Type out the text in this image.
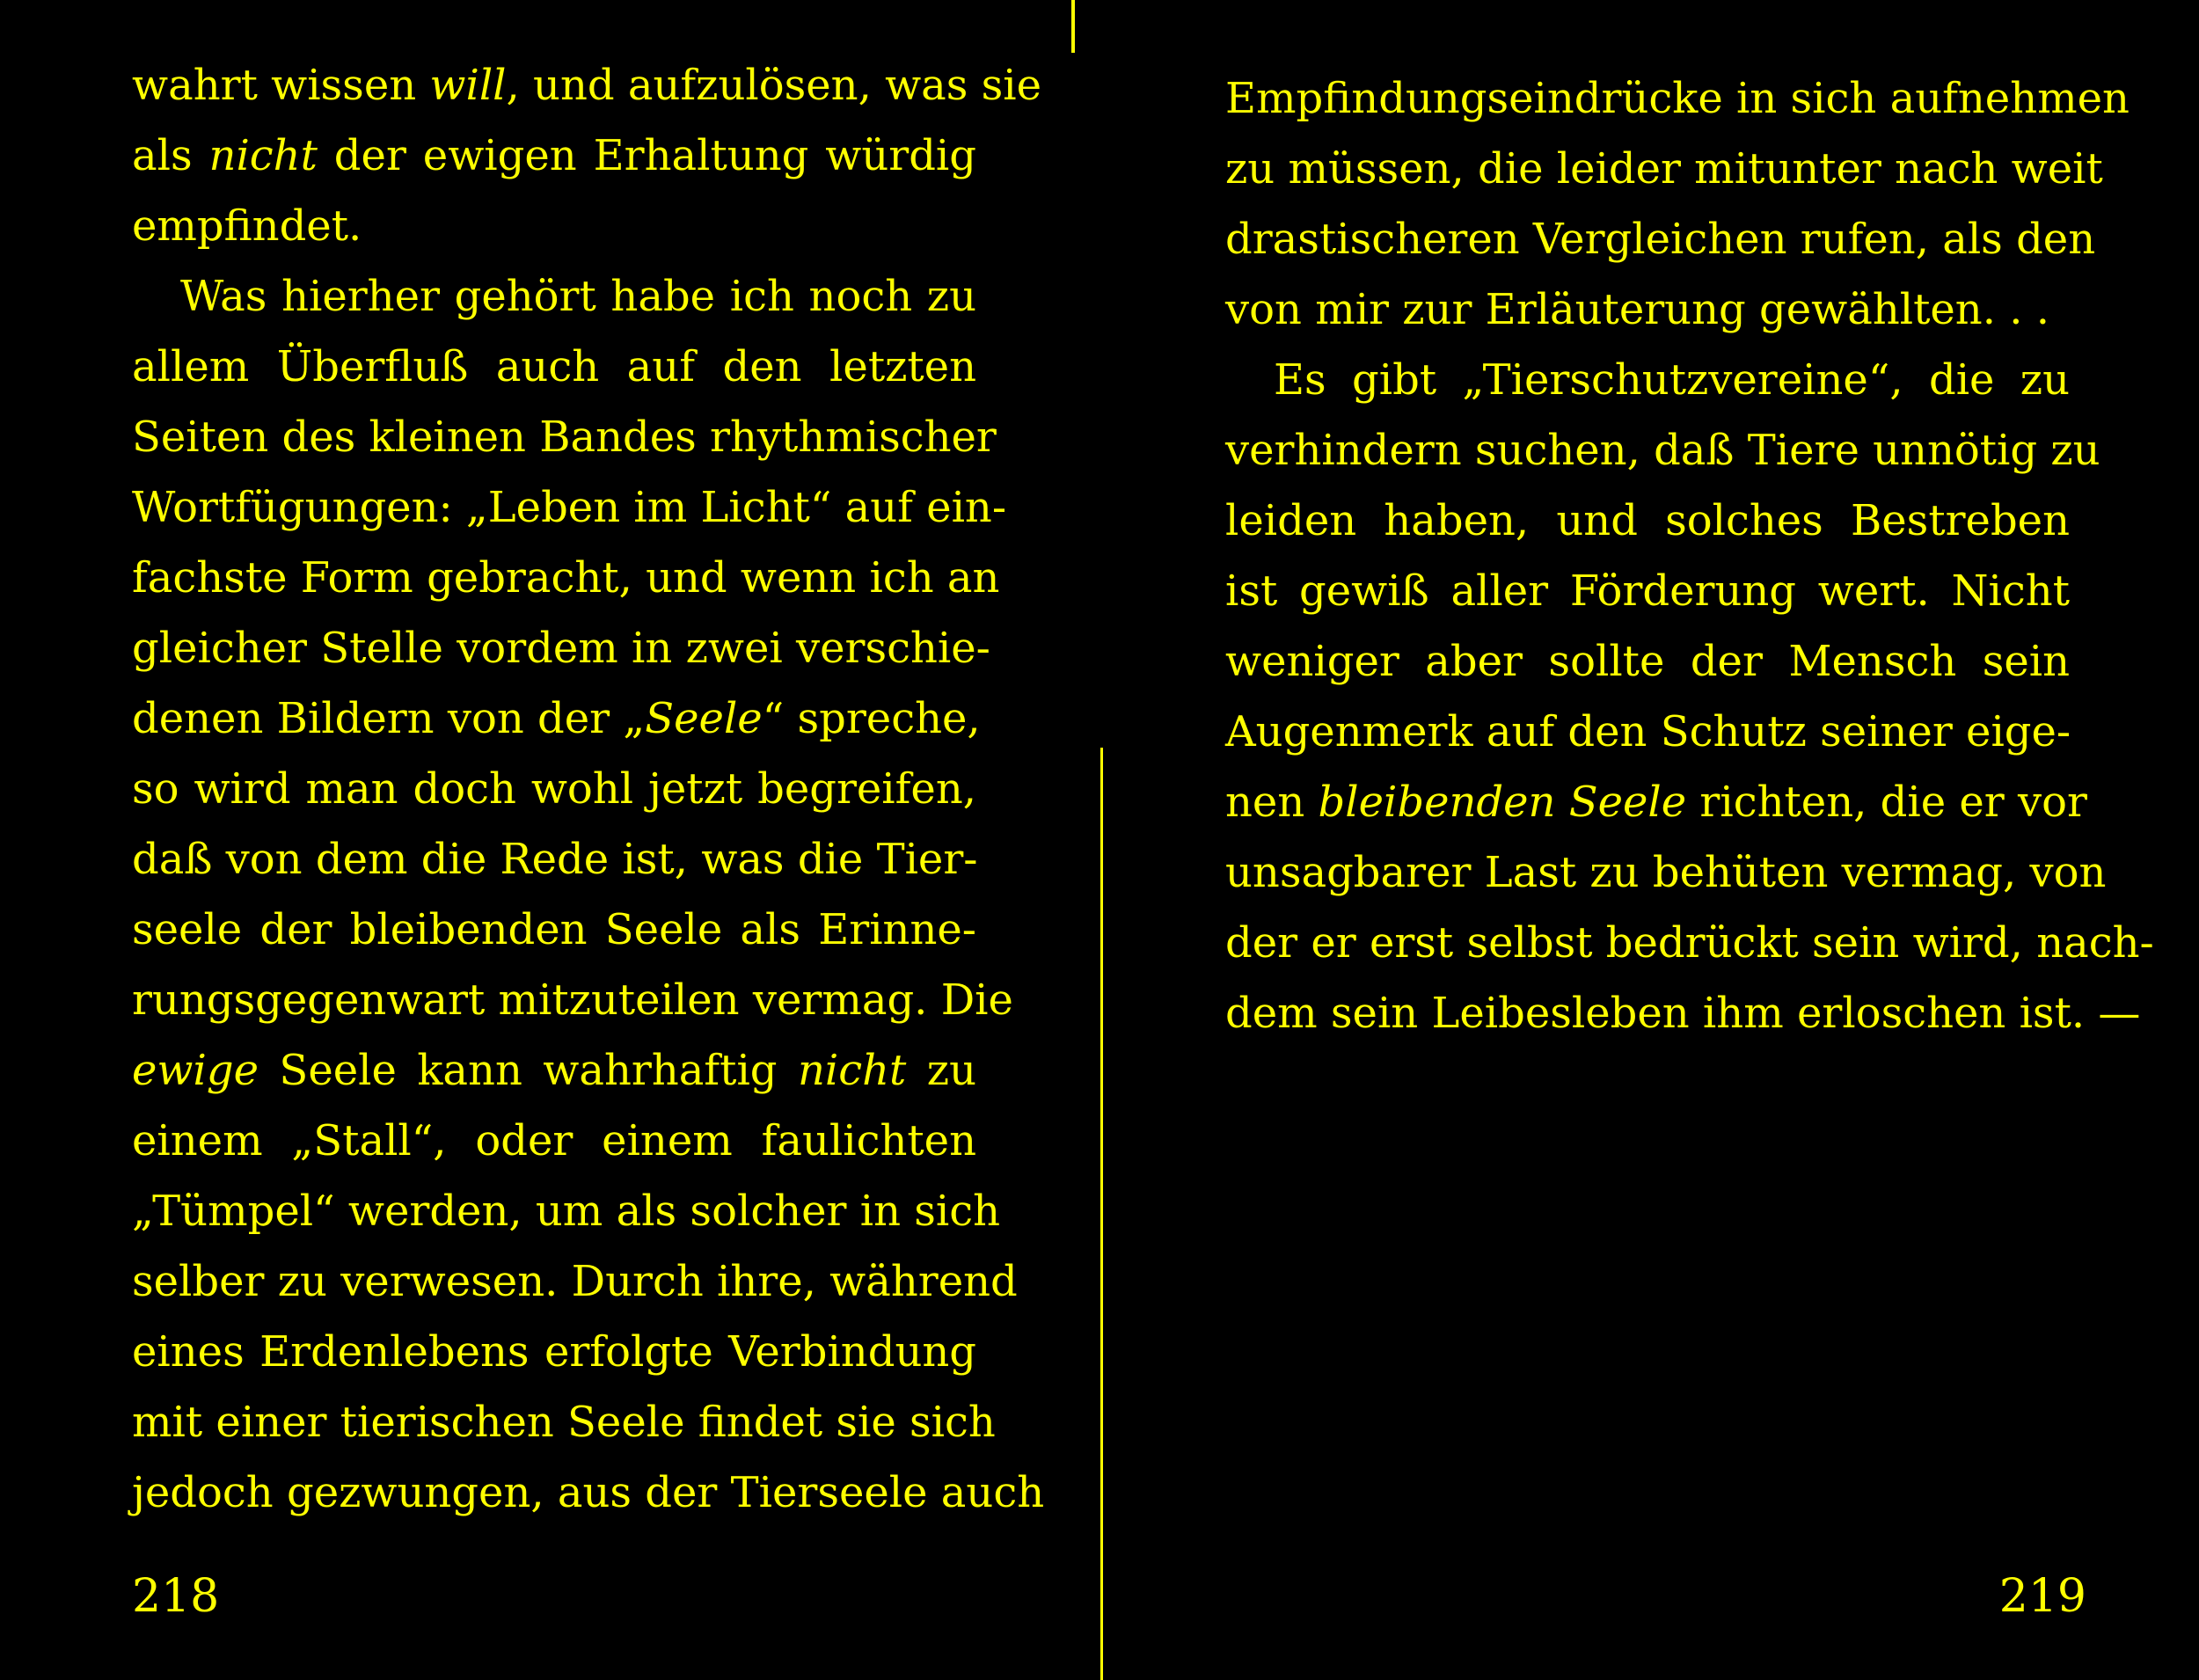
wahrt wissen will, und aufzulösen, was sie
als nicht der ewigen Erhaltung würdig
empfindet.
Was hierher gehört habe ich noch zu
allem Überfluß auch auf den letzten
Seiten des kleinen Bandes rhythmischer
Wortfügungen: „Leben im Licht“ auf ein-
fachste Form gebracht, und wenn ich an
gleicher Stelle vordem in zwei verschie-
denen Bildern von der „Seele“ spreche,
so wird man doch wohl jetzt begreifen,
daß von dem die Rede ist, was die Tier-
seele der bleibenden Seele als Erinne-
rungsgegenwart mitzuteilen vermag. Die
ewige Seele kann wahrhaftig nicht zu
einem „Stall“, oder einem faulichten
„Tümpel“ werden, um als solcher in sich
selber zu verwesen. Durch ihre, während
eines Erdenlebens erfolgte Verbindung
mit einer tierischen Seele findet sie sich
jedoch gezwungen, aus der Tierseele auch
218
Empfindungseindrücke in sich aufnehmen
zu müssen, die leider mitunter nach weit
drastischeren Vergleichen rufen, als den
von mir zur Erläuterung gewählten. . .
Es gibt „Tierschutzvereine“, die zu
verhindern suchen, daß Tiere unnötig zu
leiden haben, und solches Bestreben
ist gewiß aller Förderung wert. Nicht
weniger aber sollte der Mensch sein
Augenmerk auf den Schutz seiner eige-
nen bleibenden Seele richten, die er vor
unsagbarer Last zu behüten vermag, von
der er erst selbst bedrückt sein wird, nach-
dem sein Leibesleben ihm erloschen ist. —
219
